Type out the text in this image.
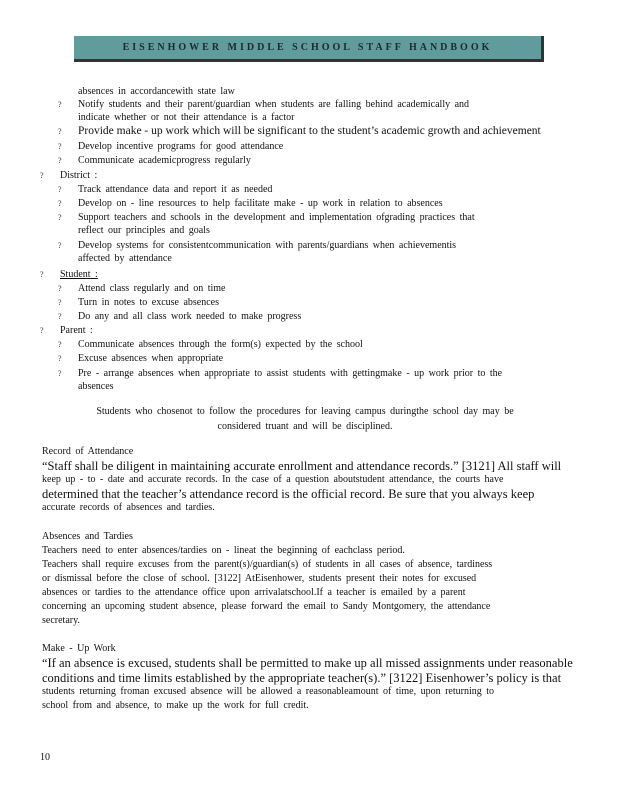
EISENHOWER MIDDLE SCHOOL STAFF HANDBOOK
absences in accordancewith state law
? Notify students and their parent/guardian when students are falling behind academically and
indicate whether or not their attendance is a factor
? Provide make - up work which will be significant to the student’s academic growth and achievement
? Develop incentive programs for good attendance
? Communicate academicprogress regularly
? District :
? Track attendance data and report it as needed
? Develop on - line resources to help facilitate make - up work in relation to absences
? Support teachers and schools in the development and implementation ofgrading practices that
reflect our principles and goals
? Develop systems for consistentcommunication with parents/guardians when achievementis
affected by attendance
? Student :
? Attend class regularly and on time
? Turn in notes to excuse absences
? Do any and all class work needed to make progress
? Parent :
? Communicate absences through the form(s) expected by the school
? Excuse absences when appropriate
? Pre - arrange absences when appropriate to assist students with gettingmake - up work prior to the
absences
Students who chosenot to follow the procedures for leaving campus duringthe school day may be
considered truant and will be disciplined.
Record of Attendance
“Staff shall be diligent in maintaining accurate enrollment and attendance records.” [3121] All staff will
keep up - to - date and accurate records. In the case of a question aboutstudent attendance, the courts have
determined that the teacher’s attendance record is the official record. Be sure that you always keep
accurate records of absences and tardies.
Absences and Tardies
Teachers need to enter absences/tardies on - lineat the beginning of eachclass period.
Teachers shall require excuses from the parent(s)/guardian(s) of students in all cases of absence, tardiness
or dismissal before the close of school. [3122] AtEisenhower, students present their notes for excused
absences or tardies to the attendance office upon arrivalatschool.If a teacher is emailed by a parent
concerning an upcoming student absence, please forward the email to Sandy Montgomery, the attendance
secretary.
Make - Up Work
“If an absence is excused, students shall be permitted to make up all missed assignments under reasonable
conditions and time limits established by the appropriate teacher(s).” [3122] Eisenhower’s policy is that
students returning froman excused absence will be allowed a reasonableamount of time, upon returning to
school from and absence, to make up the work for full credit.
10
